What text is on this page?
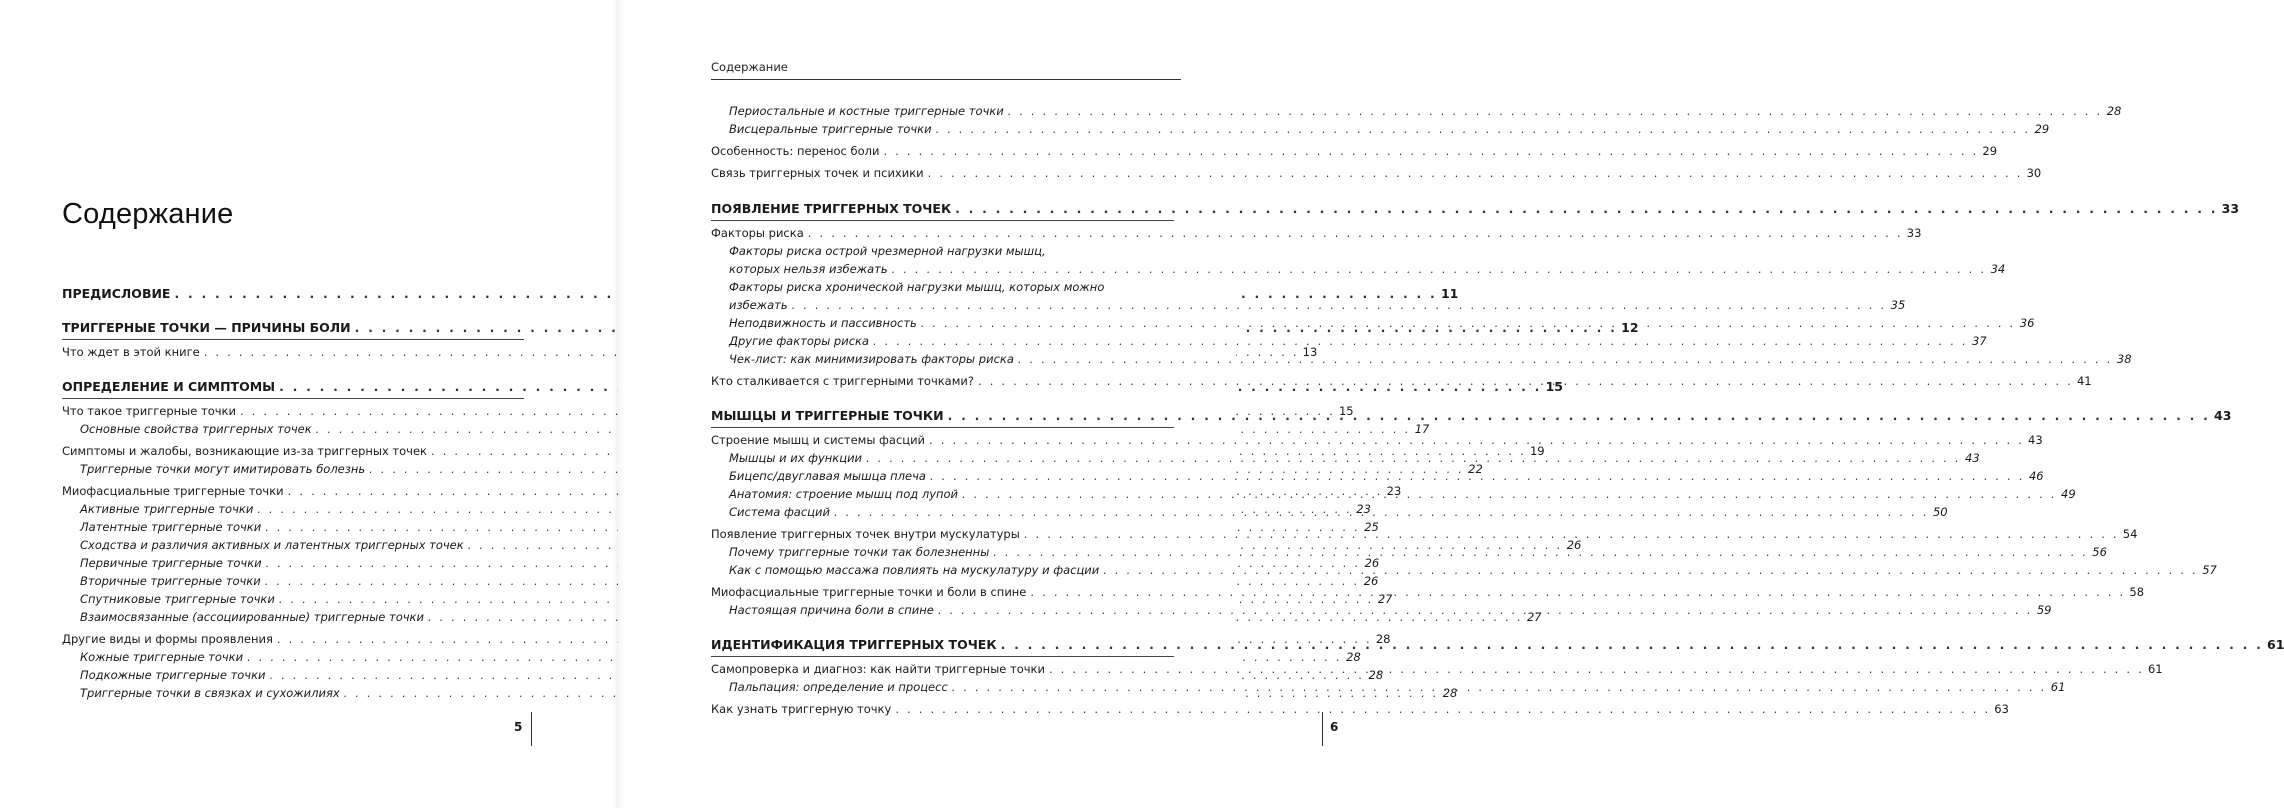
Содержание
ПРЕДИСЛОВИЕ . . .	11
ТРИГГЕРНЫЕ ТОЧКИ — ПРИЧИНЫ БОЛИ . . .	12
Что ждет в этой книге . . .	13
ОПРЕДЕЛЕНИЕ И СИМПТОМЫ . . .	15
Что такое триггерные точки . . .	15
Основные свойства триггерных точек . . .	17
Симптомы и жалобы, возникающие из-за триггерных точек . . .	19
Триггерные точки могут имитировать болезнь . . .	22
Миофасциальные триггерные точки . . .	23
Активные триггерные точки . . .	23
Латентные триггерные точки . . .	25
Сходства и различия активных и латентных триггерных точек . . .	26
Первичные триггерные точки . . .	26
Вторичные триггерные точки . . .	26
Спутниковые триггерные точки . . .	27
Взаимосвязанные (ассоциированные) триггерные точки . . .	27
Другие виды и формы проявления . . .	28
Кожные триггерные точки . . .	28
Подкожные триггерные точки . . .	28
Триггерные точки в связках и сухожилиях . . .	28
5
Содержание
Периостальные и костные триггерные точки . . .	28
Висцеральные триггерные точки . . .	29
Особенность: перенос боли . . .	29
Связь триггерных точек и психики . . .	30
ПОЯВЛЕНИЕ ТРИГГЕРНЫХ ТОЧЕК . . .	33
Факторы риска . . .	33
Факторы риска острой чрезмерной нагрузки мышц,
которых нельзя избежать . . .	34
Факторы риска хронической нагрузки мышц, которых можно
избежать . . .	35
Неподвижность и пассивность . . .	36
Другие факторы риска . . .	37
Чек-лист: как минимизировать факторы риска . . .	38
Кто сталкивается с триггерными точками? . . .	41
МЫШЦЫ И ТРИГГЕРНЫЕ ТОЧКИ . . .	43
Строение мышц и системы фасций . . .	43
Мышцы и их функции . . .	43
Бицепс/двуглавая мышца плеча . . .	46
Анатомия: строение мышц под лупой . . .	49
Система фасций . . .	50
Появление триггерных точек внутри мускулатуры . . .	54
Почему триггерные точки так болезненны . . .	56
Как с помощью массажа повлиять на мускулатуру и фасции . . .	57
Миофасциальные триггерные точки и боли в спине . . .	58
Настоящая причина боли в спине . . .	59
ИДЕНТИФИКАЦИЯ ТРИГГЕРНЫХ ТОЧЕК . . .	61
Самопроверка и диагноз: как найти триггерные точки . . .	61
Пальпация: определение и процесс . . .	61
Как узнать триггерную точку . . .	63
6
